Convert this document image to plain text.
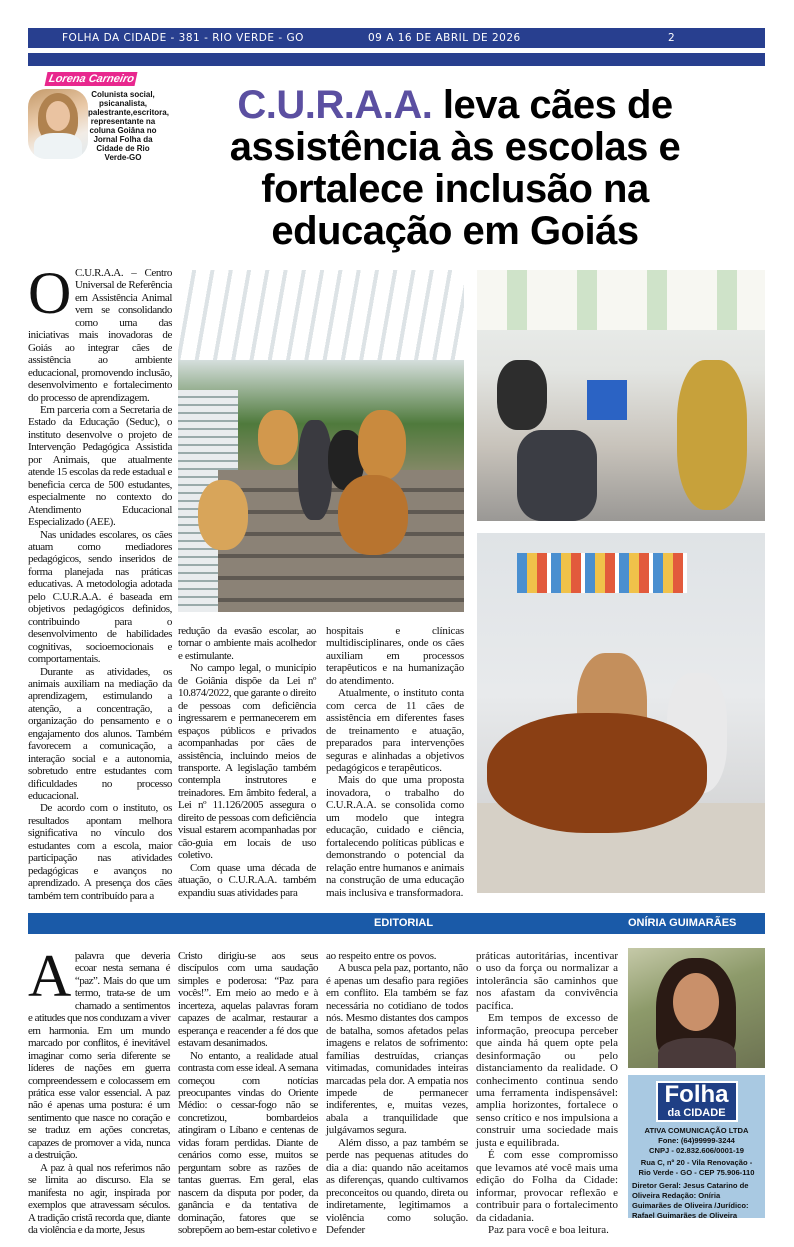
FOLHA DA CIDADE - 381 - RIO VERDE - GO	09 A 16 DE ABRIL DE 2026	2
Lorena Carneiro
Colunista social, psicanalista, palestrante,escritora, representante na coluna Goiâna no Jornal Folha da Cidade de Rio Verde-GO
C.U.R.A.A. leva cães de assistência às escolas e fortalece inclusão na educação em Goiás
O C.U.R.A.A. – Centro Universal de Referência em Assistência Animal vem se consolidando como uma das iniciativas mais inovadoras de Goiás ao integrar cães de assistência ao ambiente educacional, promovendo inclusão, desenvolvimento e fortalecimento do processo de aprendizagem.

Em parceria com a Secretaria de Estado da Educação (Seduc), o instituto desenvolve o projeto de Intervenção Pedagógica Assistida por Animais, que atualmente atende 15 escolas da rede estadual e beneficia cerca de 500 estudantes, especialmente no contexto do Atendimento Educacional Especializado (AEE).

Nas unidades escolares, os cães atuam como mediadores pedagógicos, sendo inseridos de forma planejada nas práticas educativas. A metodologia adotada pelo C.U.R.A.A. é baseada em objetivos pedagógicos definidos, contribuindo para o desenvolvimento de habilidades cognitivas, socioemocionais e comportamentais.

Durante as atividades, os animais auxiliam na mediação da aprendizagem, estimulando a atenção, a concentração, a organização do pensamento e o engajamento dos alunos. Também favorecem a comunicação, a interação social e a autonomia, sobretudo entre estudantes com dificuldades no processo educacional.

De acordo com o instituto, os resultados apontam melhora significativa no vínculo dos estudantes com a escola, maior participação nas atividades pedagógicas e avanços no aprendizado. A presença dos cães também tem contribuído para a

redução da evasão escolar, ao tornar o ambiente mais acolhedor e estimulante.

No campo legal, o município de Goiânia dispõe da Lei nº 10.874/2022, que garante o direito de pessoas com deficiência ingressarem e permanecerem em espaços públicos e privados acompanhadas por cães de assistência, incluindo meios de transporte. A legislação também contempla instrutores e treinadores. Em âmbito federal, a Lei nº 11.126/2005 assegura o direito de pessoas com deficiência visual estarem acompanhadas por cão-guia em locais de uso coletivo.

Com quase uma década de atuação, o C.U.R.A.A. também expandiu suas atividades para

hospitais e clínicas multidisciplinares, onde os cães auxiliam em processos terapêuticos e na humanização do atendimento.

Atualmente, o instituto conta com cerca de 11 cães de assistência em diferentes fases de treinamento e atuação, preparados para intervenções seguras e alinhadas a objetivos pedagógicos e terapêuticos.

Mais do que uma proposta inovadora, o trabalho do C.U.R.A.A. se consolida como um modelo que integra educação, cuidado e ciência, fortalecendo políticas públicas e demonstrando o potencial da relação entre humanos e animais na construção de uma educação mais inclusiva e transformadora.

EDITORIAL	ONÍRIA GUIMARÃES
A palavra que deveria ecoar nesta semana é “paz”. Mais do que um termo, trata-se de um chamado a sentimentos e atitudes que nos conduzam a viver em harmonia. Em um mundo marcado por conflitos, é inevitável imaginar como seria diferente se líderes de nações em guerra compreendessem e colocassem em prática esse valor essencial. A paz não é apenas uma postura: é um sentimento que nasce no coração e se traduz em ações concretas, capazes de promover a vida, nunca a destruição.

A paz à qual nos referimos não se limita ao discurso. Ela se manifesta no agir, inspirada por exemplos que atravessam séculos. A tradição cristã recorda que, diante da violência e da morte, Jesus

Cristo dirigiu-se aos seus discípulos com uma saudação simples e poderosa: “Paz para vocês!”. Em meio ao medo e à incerteza, aquelas palavras foram capazes de acalmar, restaurar a esperança e reacender a fé dos que estavam desanimados.

No entanto, a realidade atual contrasta com esse ideal. A semana começou com notícias preocupantes vindas do Oriente Médio: o cessar-fogo não se concretizou, bombardeios atingiram o Líbano e centenas de vidas foram perdidas. Diante de cenários como esse, muitos se perguntam sobre as razões de tantas guerras. Em geral, elas nascem da disputa por poder, da ganância e da tentativa de dominação, fatores que se sobrepõem ao bem-estar coletivo e

ao respeito entre os povos.

A busca pela paz, portanto, não é apenas um desafio para regiões em conflito. Ela também se faz necessária no cotidiano de todos nós. Mesmo distantes dos campos de batalha, somos afetados pelas imagens e relatos de sofrimento: famílias destruídas, crianças vitimadas, comunidades inteiras marcadas pela dor. A empatia nos impede de permanecer indiferentes, e, muitas vezes, abala a tranquilidade que julgávamos segura.

Além disso, a paz também se perde nas pequenas atitudes do dia a dia: quando não aceitamos as diferenças, quando cultivamos preconceitos ou quando, direta ou indiretamente, legitimamos a violência como solução. Defender

práticas autoritárias, incentivar o uso da força ou normalizar a intolerância são caminhos que nos afastam da convivência pacífica.

Em tempos de excesso de informação, preocupa perceber que ainda há quem opte pela desinformação ou pelo distanciamento da realidade. O conhecimento continua sendo uma ferramenta indispensável: amplia horizontes, fortalece o senso crítico e nos impulsiona a construir uma sociedade mais justa e equilibrada.

É com esse compromisso que levamos até você mais uma edição do Folha da Cidade: informar, provocar reflexão e contribuir para o fortalecimento da cidadania.

Paz para você e boa leitura.

Folha
da CIDADE
ATIVA COMUNICAÇÃO LTDA
Fone: (64)99999-3244
CNPJ - 02.832.606/0001-19
Rua C, nº 20 - Vila Renovação -
Rio Verde - GO - CEP 75.906-110
Diretor Geral: Jesus Catarino de Oliveira Redação: Oníria Guimarães de Oliveira /Jurídico: Rafael Guimarães de Oliveira
